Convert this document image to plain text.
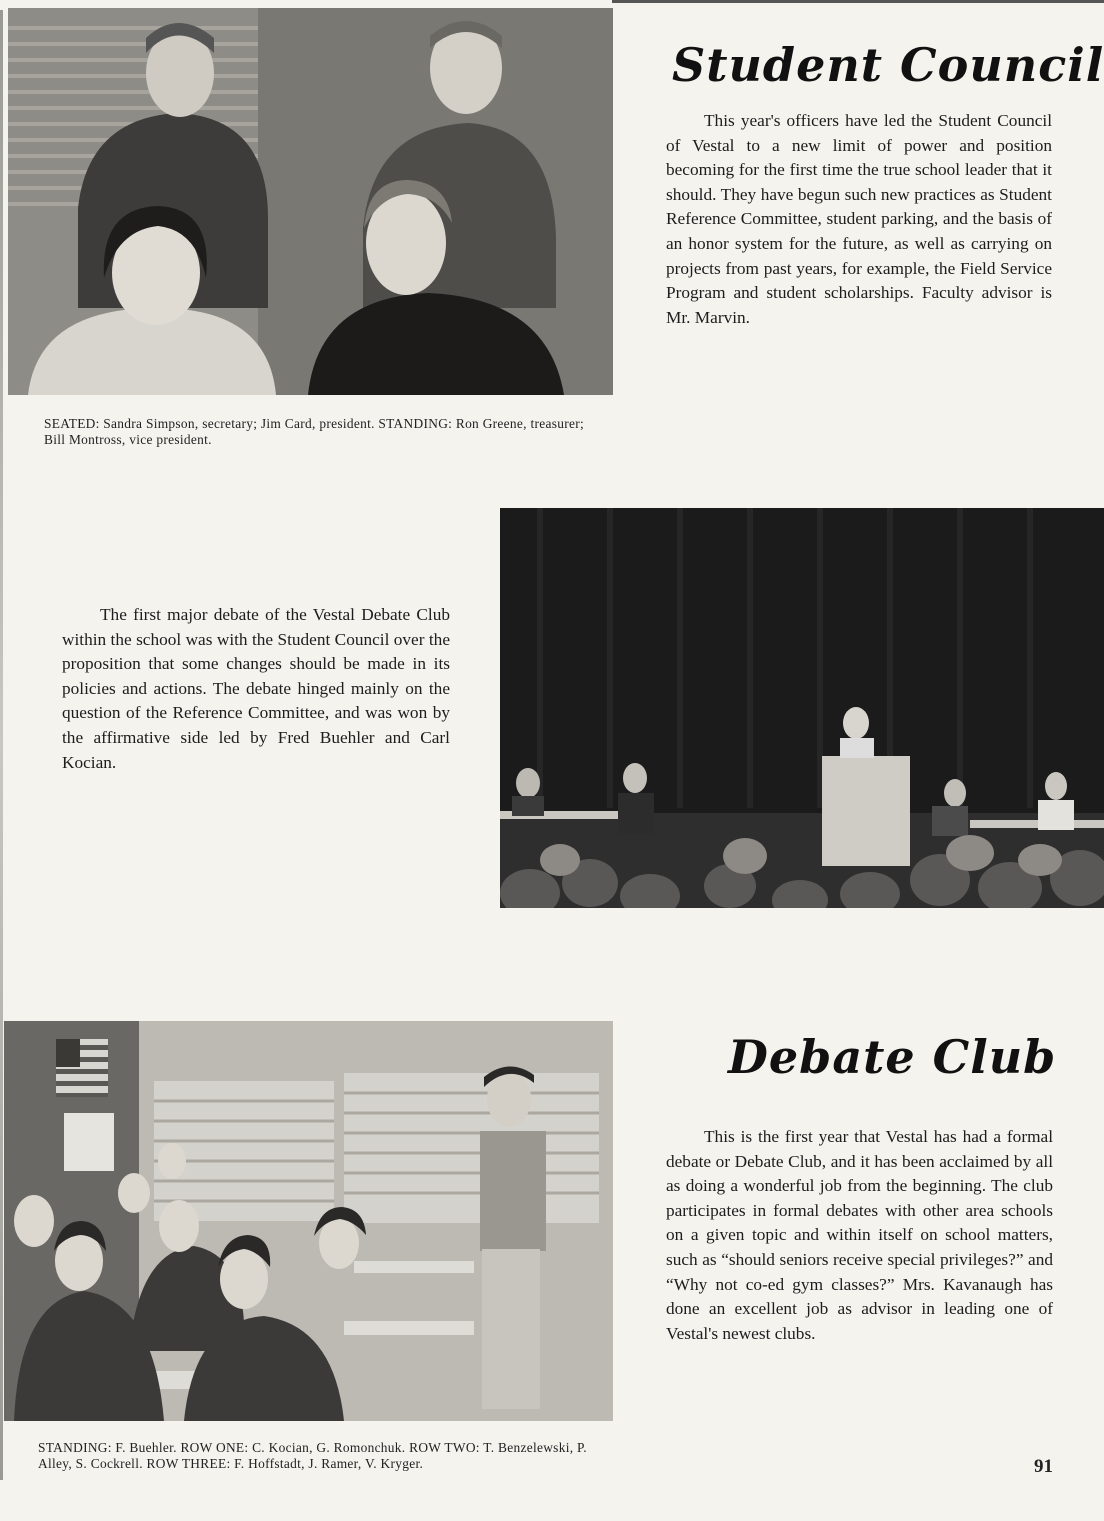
Student Council

This year's officers have led the Student Council of Vestal to a new limit of power and position becoming for the first time the true school leader that it should. They have begun such new practices as Student Reference Committee, student parking, and the basis of an honor system for the future, as well as carrying on projects from past years, for example, the Field Service Program and student scholarships. Faculty advisor is Mr. Marvin.

SEATED: Sandra Simpson, secretary; Jim Card, president. STANDING: Ron Greene, treasurer; Bill Montross, vice president.

The first major debate of the Vestal Debate Club within the school was with the Student Council over the proposition that some changes should be made in its policies and actions. The debate hinged mainly on the question of the Reference Committee, and was won by the affirmative side led by Fred Buehler and Carl Kocian.

Debate Club

This is the first year that Vestal has had a formal debate or Debate Club, and it has been acclaimed by all as doing a wonderful job from the beginning. The club participates in formal debates with other area schools on a given topic and within itself on school matters, such as “should seniors receive special privileges?” and “Why not co-ed gym classes?” Mrs. Kavanaugh has done an excellent job as advisor in leading one of Vestal's newest clubs.

STANDING: F. Buehler. ROW ONE: C. Kocian, G. Romonchuk. ROW TWO: T. Benzelewski, P. Alley, S. Cockrell. ROW THREE: F. Hoffstadt, J. Ramer, V. Kryger.	91
